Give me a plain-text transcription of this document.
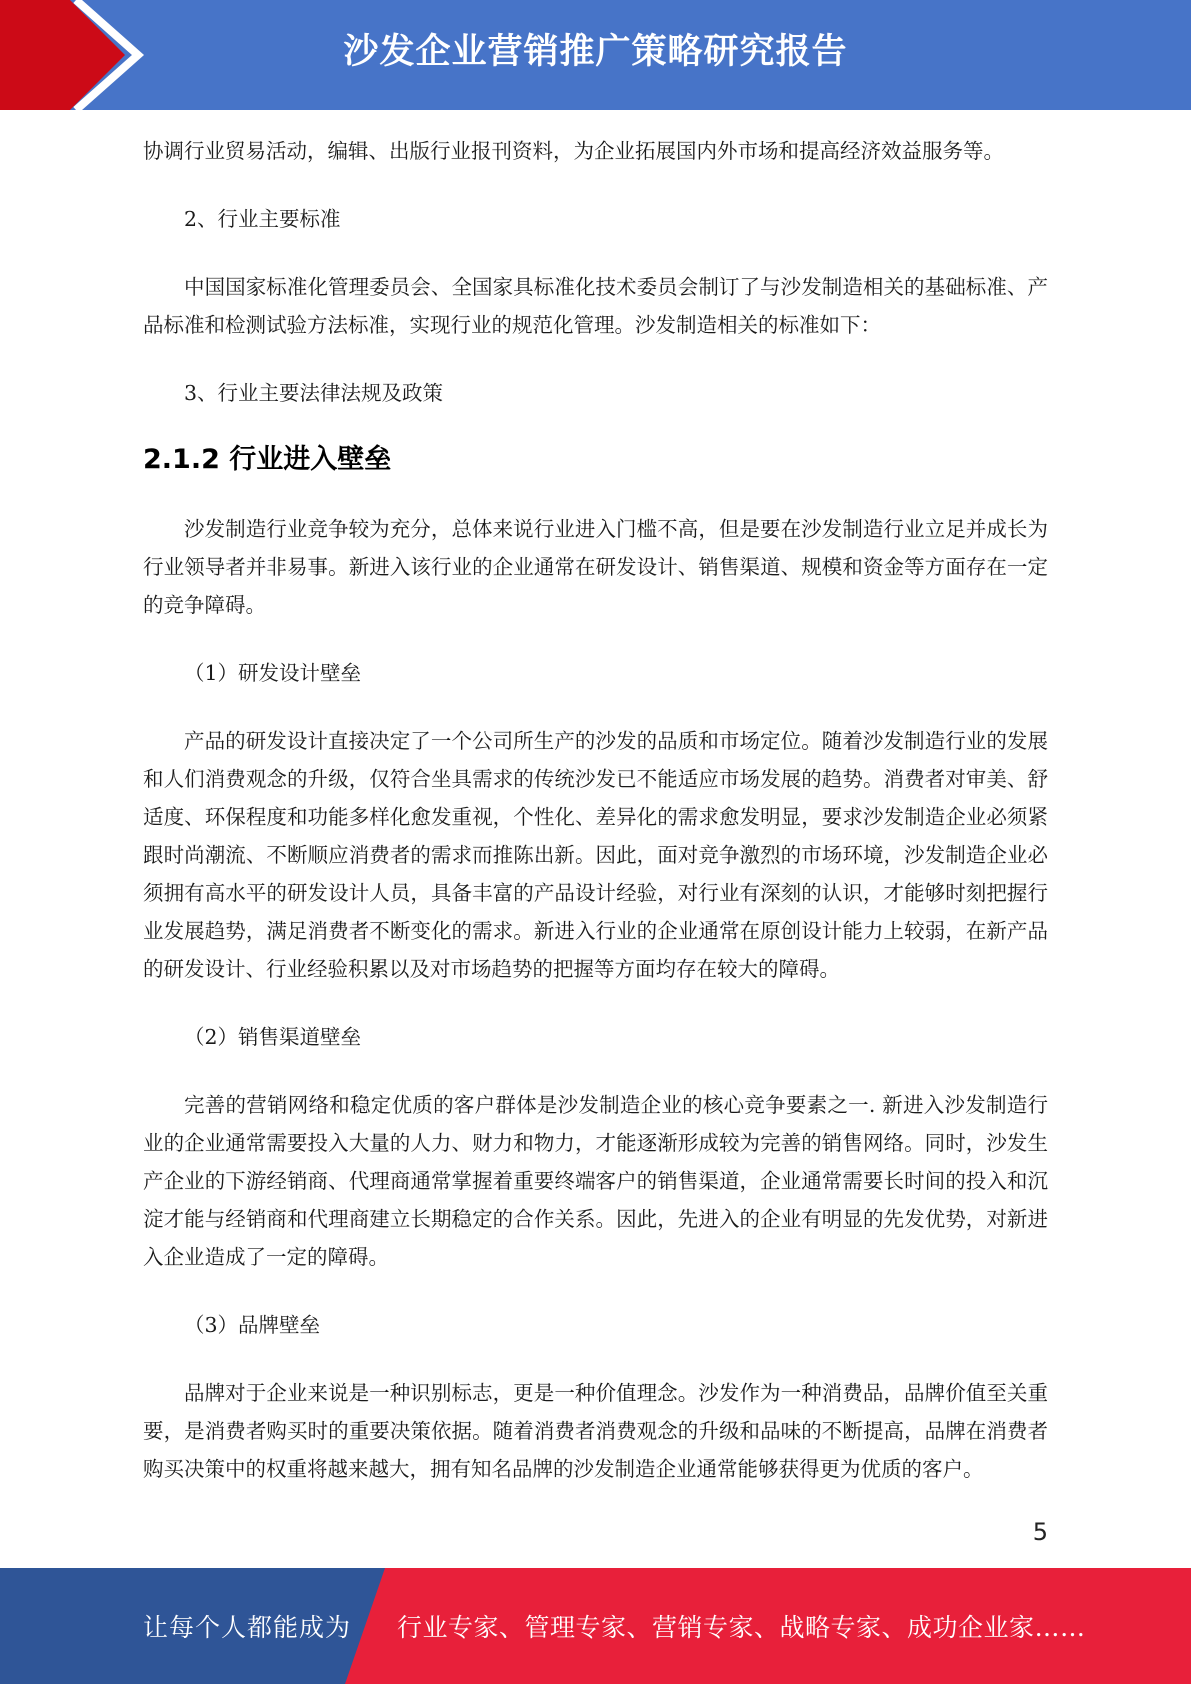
沙发企业营销推广策略研究报告

协调行业贸易活动，编辑、出版行业报刊资料，为企业拓展国内外市场和提高经济效益服务等。

2、行业主要标准

中国国家标准化管理委员会、全国家具标准化技术委员会制订了与沙发制造相关的基础标准、产品标准和检测试验方法标准，实现行业的规范化管理。沙发制造相关的标准如下：

3、行业主要法律法规及政策

2.1.2 行业进入壁垒

沙发制造行业竞争较为充分，总体来说行业进入门槛不高，但是要在沙发制造行业立足并成长为行业领导者并非易事。新进入该行业的企业通常在研发设计、销售渠道、规模和资金等方面存在一定的竞争障碍。

（1）研发设计壁垒

产品的研发设计直接决定了一个公司所生产的沙发的品质和市场定位。随着沙发制造行业的发展和人们消费观念的升级，仅符合坐具需求的传统沙发已不能适应市场发展的趋势。消费者对审美、舒适度、环保程度和功能多样化愈发重视，个性化、差异化的需求愈发明显，要求沙发制造企业必须紧跟时尚潮流、不断顺应消费者的需求而推陈出新。因此，面对竞争激烈的市场环境，沙发制造企业必须拥有高水平的研发设计人员，具备丰富的产品设计经验，对行业有深刻的认识，才能够时刻把握行业发展趋势，满足消费者不断变化的需求。新进入行业的企业通常在原创设计能力上较弱，在新产品的研发设计、行业经验积累以及对市场趋势的把握等方面均存在较大的障碍。

（2）销售渠道壁垒

完善的营销网络和稳定优质的客户群体是沙发制造企业的核心竞争要素之一. 新进入沙发制造行业的企业通常需要投入大量的人力、财力和物力，才能逐渐形成较为完善的销售网络。同时，沙发生产企业的下游经销商、代理商通常掌握着重要终端客户的销售渠道，企业通常需要长时间的投入和沉淀才能与经销商和代理商建立长期稳定的合作关系。因此，先进入的企业有明显的先发优势，对新进入企业造成了一定的障碍。

（3）品牌壁垒

品牌对于企业来说是一种识别标志，更是一种价值理念。沙发作为一种消费品，品牌价值至关重要，是消费者购买时的重要决策依据。随着消费者消费观念的升级和品味的不断提高，品牌在消费者购买决策中的权重将越来越大，拥有知名品牌的沙发制造企业通常能够获得更为优质的客户。

5
让每个人都能成为 行业专家、管理专家、营销专家、战略专家、成功企业家……
